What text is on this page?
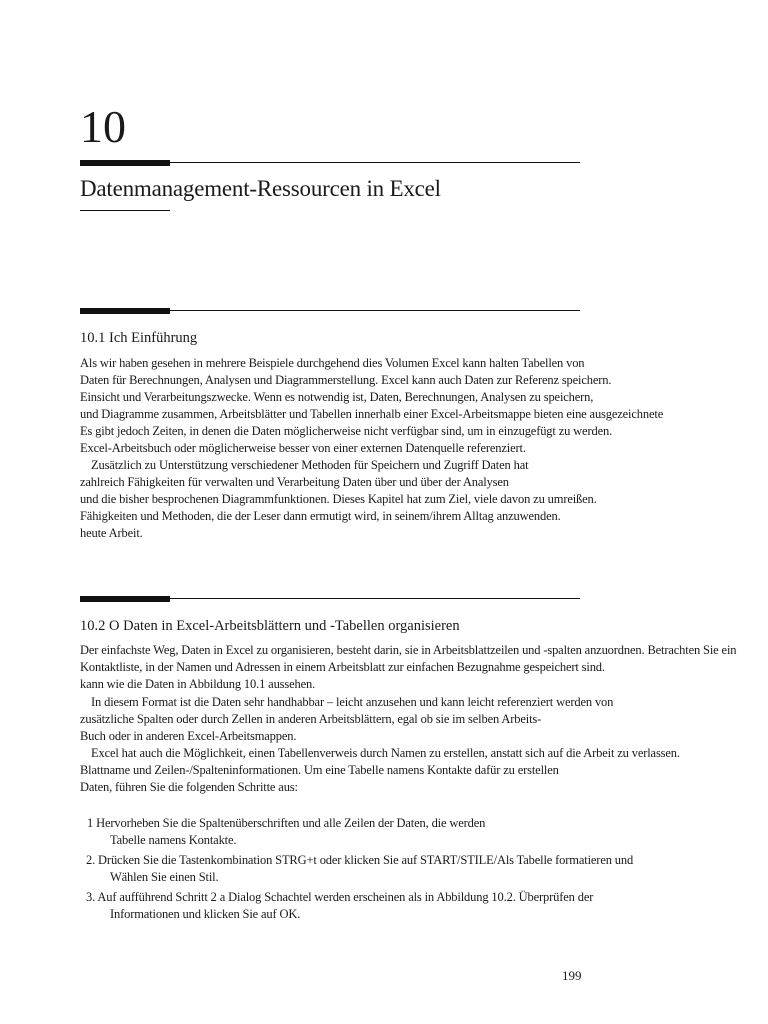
10
Datenmanagement-Ressourcen in Excel
10.1 Ich Einführung
Als wir haben gesehen in mehrere Beispiele durchgehend dies Volumen Excel kann halten Tabellen von
Daten für Berechnungen, Analysen und Diagrammerstellung. Excel kann auch Daten zur Referenz speichern.
Einsicht und Verarbeitungszwecke. Wenn es notwendig ist, Daten, Berechnungen, Analysen zu speichern,
und Diagramme zusammen, Arbeitsblätter und Tabellen innerhalb einer Excel-Arbeitsmappe bieten eine ausgezeichnete
Es gibt jedoch Zeiten, in denen die Daten möglicherweise nicht verfügbar sind, um in einzugefügt zu werden.
Excel-Arbeitsbuch oder möglicherweise besser von einer externen Datenquelle referenziert.
Zusätzlich zu Unterstützung verschiedener Methoden für Speichern und Zugriff Daten hat
zahlreich Fähigkeiten für verwalten und Verarbeitung Daten über und über der Analysen
und die bisher besprochenen Diagrammfunktionen. Dieses Kapitel hat zum Ziel, viele davon zu umreißen.
Fähigkeiten und Methoden, die der Leser dann ermutigt wird, in seinem/ihrem Alltag anzuwenden.
heute Arbeit.
10.2 O Daten in Excel-Arbeitsblättern und -Tabellen organisieren
Der einfachste Weg, Daten in Excel zu organisieren, besteht darin, sie in Arbeitsblattzeilen und -spalten anzuordnen. Betrachten Sie ein
Kontaktliste, in der Namen und Adressen in einem Arbeitsblatt zur einfachen Bezugnahme gespeichert sind.
kann wie die Daten in Abbildung 10.1 aussehen.
In diesem Format ist die Daten sehr handhabbar – leicht anzusehen und kann leicht referenziert werden von
zusätzliche Spalten oder durch Zellen in anderen Arbeitsblättern, egal ob sie im selben Arbeits-
Buch oder in anderen Excel-Arbeitsmappen.
Excel hat auch die Möglichkeit, einen Tabellenverweis durch Namen zu erstellen, anstatt sich auf die Arbeit zu verlassen.
Blattname und Zeilen-/Spalteninformationen. Um eine Tabelle namens Kontakte dafür zu erstellen
Daten, führen Sie die folgenden Schritte aus:
1 Hervorheben Sie die Spaltenüberschriften und alle Zeilen der Daten, die werden
Tabelle namens Kontakte.
2. Drücken Sie die Tastenkombination STRG+t oder klicken Sie auf START/STILE/Als Tabelle formatieren und
Wählen Sie einen Stil.
3. Auf aufführend Schritt 2 a Dialog Schachtel werden erscheinen als in Abbildung 10.2. Überprüfen der
Informationen und klicken Sie auf OK.
199
